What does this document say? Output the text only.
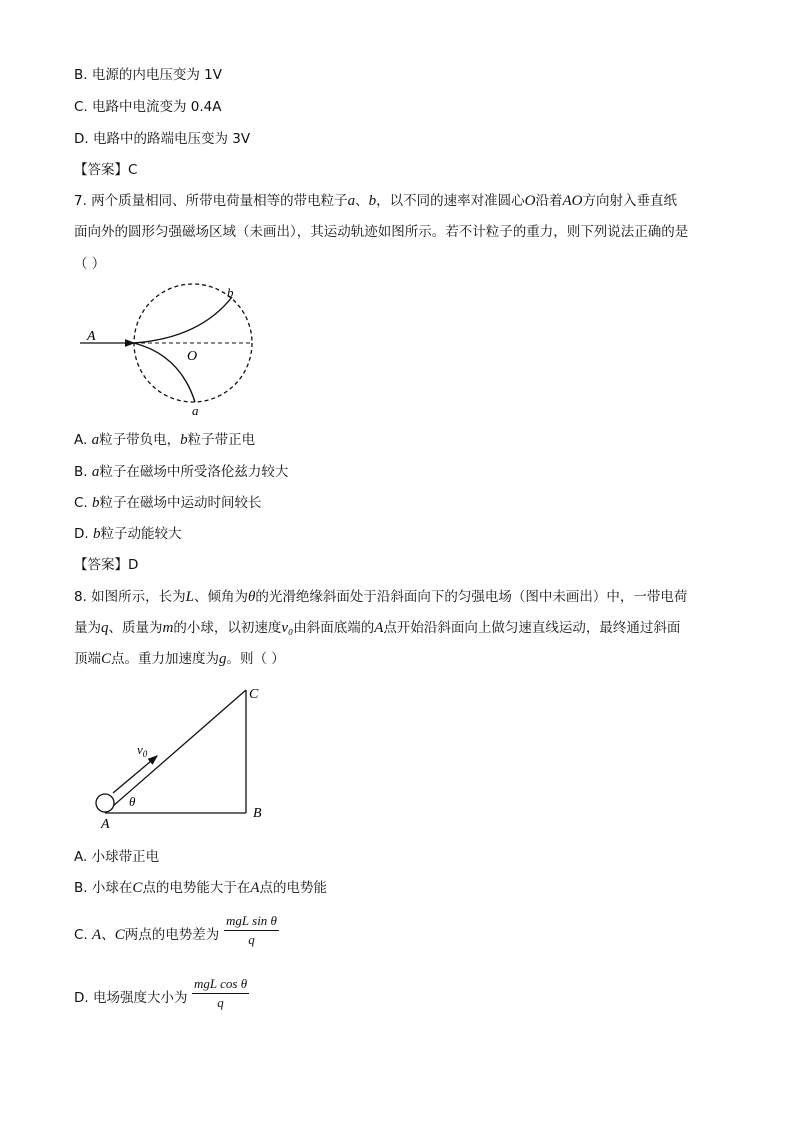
B. 电源的内电压变为 1V
C. 电路中电流变为 0.4A
D. 电路中的路端电压变为 3V
【答案】C
7. 两个质量相同、所带电荷量相等的带电粒子a、b，以不同的速率对准圆心O沿着AO方向射入垂直纸
面向外的圆形匀强磁场区域（未画出），其运动轨迹如图所示。若不计粒子的重力，则下列说法正确的是
（ ）
A
O
b
a
A. a粒子带负电，b粒子带正电
B. a粒子在磁场中所受洛伦兹力较大
C. b粒子在磁场中运动时间较长
D. b粒子动能较大
【答案】D
8. 如图所示，长为L、倾角为θ的光滑绝缘斜面处于沿斜面向下的匀强电场（图中未画出）中，一带电荷
量为q、质量为m的小球，以初速度v₀由斜面底端的A点开始沿斜面向上做匀速直线运动，最终通过斜面
顶端C点。重力加速度为g。则（ ）
$v_0$
θ
A
B
C
A. 小球带正电
B. 小球在C点的电势能大于在A点的电势能
C. A、C两点的电势差为
mgL sin θ
q
D. 电场强度大小为
mgL cos θ
q
